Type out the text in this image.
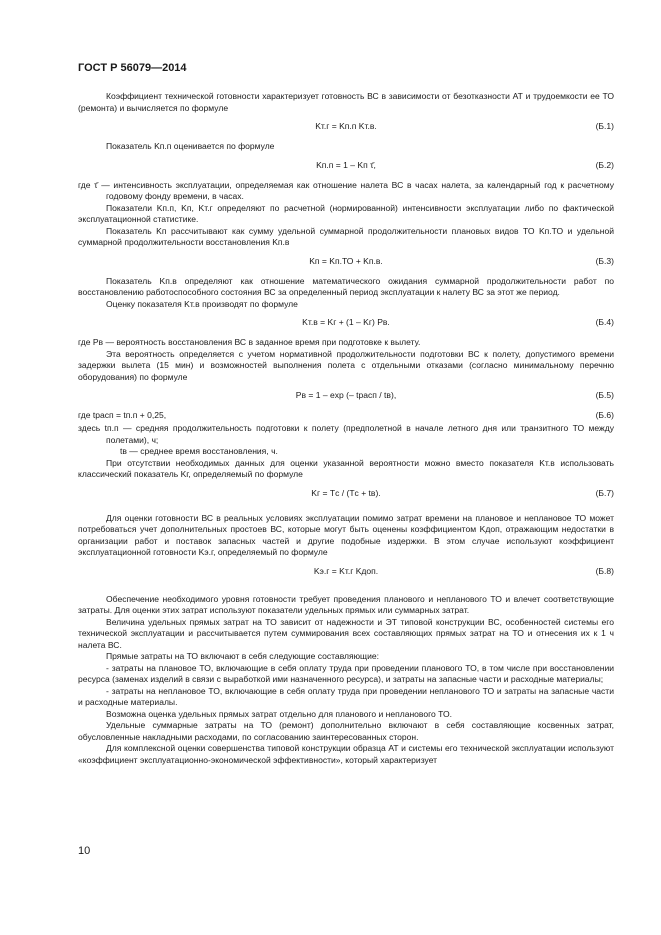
ГОСТ Р 56079—2014

Коэффициент технической готовности характеризует готовность ВС в зависимости от безотказности АТ и трудоемкости ее ТО (ремонта) и вычисляется по формуле

Kт.г = Kп.п Kт.в.	(Б.1)

Показатель Kп.п оценивается по формуле

Kп.п = 1 – Kп τ̄,	(Б.2)

где τ̄ — интенсивность эксплуатации, определяемая как отношение налета ВС в часах налета, за календарный год к расчетному годовому фонду времени, в часах.

Показатели Kп.п, Kп, Kт.г определяют по расчетной (нормированной) интенсивности эксплуатации либо по фактической эксплуатационной статистике.

Показатель Kп рассчитывают как сумму удельной суммарной продолжительности плановых видов ТО Kп.ТО и удельной суммарной продолжительности восстановления Kп.в

Kп = Kп.ТО + Kп.в.	(Б.3)

Показатель Kп.в определяют как отношение математического ожидания суммарной продолжительности работ по восстановлению работоспособного состояния ВС за определенный период эксплуатации к налету ВС за этот же период.

Оценку показателя Kт.в производят по формуле

Kт.в = Kг + (1 – Kг) Pв.	(Б.4)

где Pв — вероятность восстановления ВС в заданное время при подготовке к вылету.

Эта вероятность определяется с учетом нормативной продолжительности подготовки ВС к полету, допустимого времени задержки вылета (15 мин) и возможностей выполнения полета с отдельными отказами (согласно минимальному перечню оборудования) по формуле

Pв = 1 – exp (– tрасп / tв),	(Б.5)
где tрасп = tп.п + 0,25,	(Б.6)

здесь tп.п — средняя продолжительность подготовки к полету (предполетной в начале летного дня или транзитного ТО между полетами), ч;

tв — среднее время восстановления, ч.

При отсутствии необходимых данных для оценки указанной вероятности можно вместо показателя Kт.в использовать классический показатель Kг, определяемый по формуле

Kг = Tс / (Tс + tв).	(Б.7)

Для оценки готовности ВС в реальных условиях эксплуатации помимо затрат времени на плановое и неплановое ТО может потребоваться учет дополнительных простоев ВС, которые могут быть оценены коэффициентом Kдоп, отражающим недостатки в организации работ и поставок запасных частей и другие подобные издержки. В этом случае используют коэффициент эксплуатационной готовности Kэ.г, определяемый по формуле

Kэ.г = Kт.г Kдоп.	(Б.8)

Обеспечение необходимого уровня готовности требует проведения планового и непланового ТО и влечет соответствующие затраты. Для оценки этих затрат используют показатели удельных прямых или суммарных затрат.

Величина удельных прямых затрат на ТО зависит от надежности и ЭТ типовой конструкции ВС, особенностей системы его технической эксплуатации и рассчитывается путем суммирования всех составляющих прямых затрат на ТО и отнесения их к 1 ч налета ВС.

Прямые затраты на ТО включают в себя следующие составляющие:

- затраты на плановое ТО, включающие в себя оплату труда при проведении планового ТО, в том числе при восстановлении ресурса (заменах изделий в связи с выработкой ими назначенного ресурса), и затраты на запасные части и расходные материалы;

- затраты на неплановое ТО, включающие в себя оплату труда при проведении непланового ТО и затраты на запасные части и расходные материалы.

Возможна оценка удельных прямых затрат отдельно для планового и непланового ТО.

Удельные суммарные затраты на ТО (ремонт) дополнительно включают в себя составляющие косвенных затрат, обусловленные накладными расходами, по согласованию заинтересованных сторон.

Для комплексной оценки совершенства типовой конструкции образца АТ и системы его технической эксплуатации используют «коэффициент эксплуатационно-экономической эффективности», который характеризует

10
